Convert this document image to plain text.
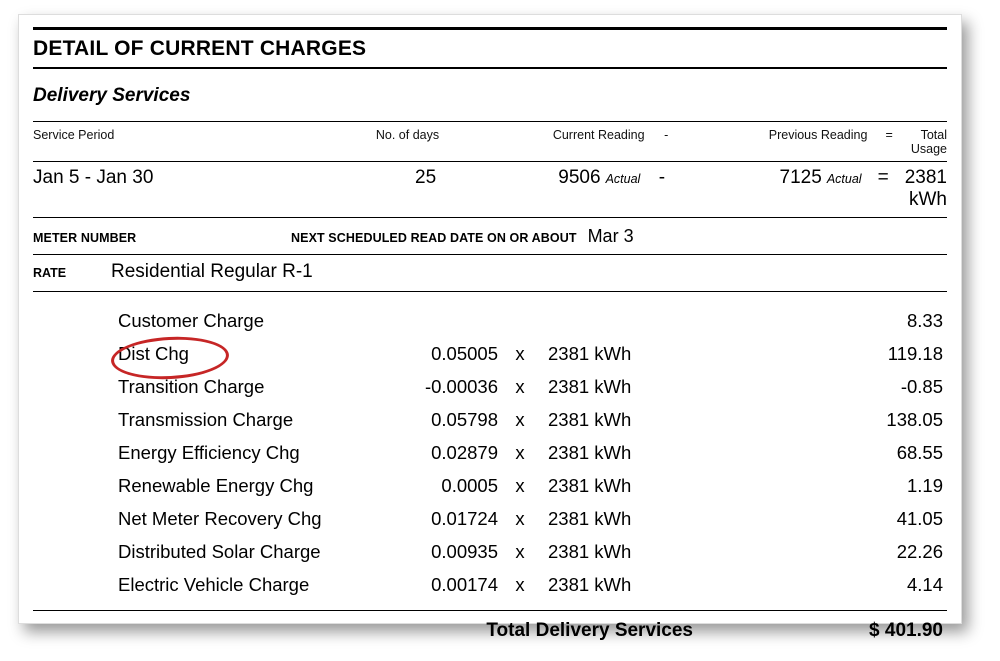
DETAIL OF CURRENT CHARGES
Delivery Services
Service Period	No. of days	Current Reading	-	Previous Reading	=	Total Usage
Jan 5 - Jan 30	25	9506 Actual -	7125 Actual = 2381 kWh
METER NUMBER	NEXT SCHEDULED READ DATE ON OR ABOUT Mar 3
RATE	Residential Regular R-1
Customer Charge	8.33
Dist Chg	0.05005 x	2381 kWh	119.18
Transition Charge	-0.00036 x	2381 kWh	-0.85
Transmission Charge	0.05798 x	2381 kWh	138.05
Energy Efficiency Chg	0.02879 x	2381 kWh	68.55
Renewable Energy Chg	0.0005 x	2381 kWh	1.19
Net Meter Recovery Chg	0.01724 x	2381 kWh	41.05
Distributed Solar Charge	0.00935 x	2381 kWh	22.26
Electric Vehicle Charge	0.00174 x	2381 kWh	4.14
Total Delivery Services	$ 401.90
